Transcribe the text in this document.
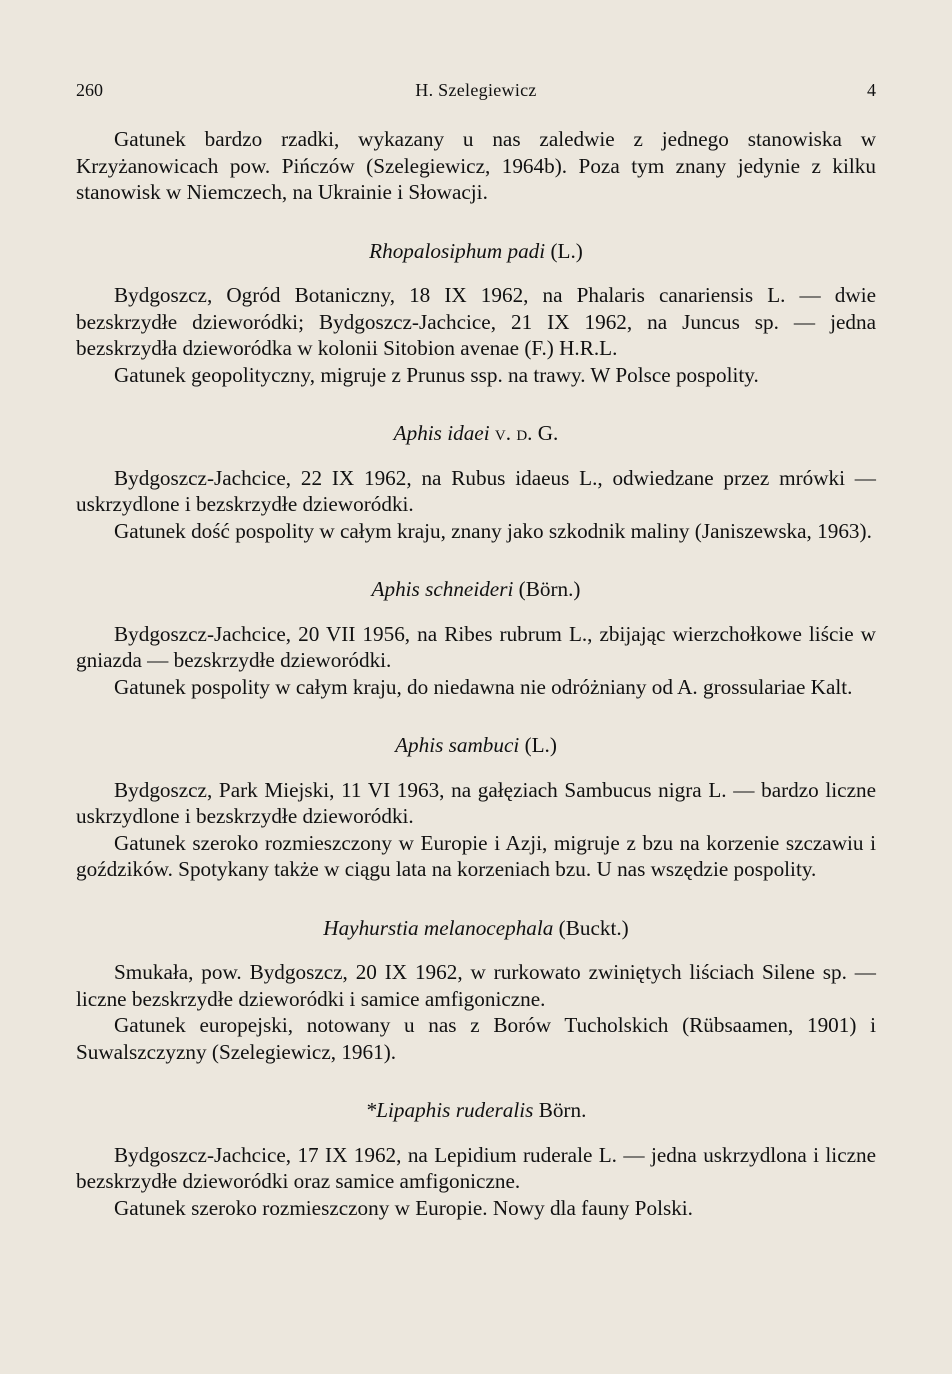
260	H. Szelegiewicz	4

Gatunek bardzo rzadki, wykazany u nas zaledwie z jednego stanowiska w Krzyżanowicach pow. Pińczów (Szelegiewicz, 1964b). Poza tym znany jedynie z kilku stanowisk w Niemczech, na Ukrainie i Słowacji.

Rhopalosiphum padi (L.)

Bydgoszcz, Ogród Botaniczny, 18 IX 1962, na Phalaris canariensis L. — dwie bezskrzydłe dzieworódki; Bydgoszcz-Jachcice, 21 IX 1962, na Juncus sp. — jedna bezskrzydła dzieworódka w kolonii Sitobion avenae (F.) H.R.L.

Gatunek geopolityczny, migruje z Prunus ssp. na trawy. W Polsce pospolity.

Aphis idaei v. d. G.

Bydgoszcz-Jachcice, 22 IX 1962, na Rubus idaeus L., odwiedzane przez mrówki — uskrzydlone i bezskrzydłe dzieworódki.

Gatunek dość pospolity w całym kraju, znany jako szkodnik maliny (Janiszewska, 1963).

Aphis schneideri (Börn.)

Bydgoszcz-Jachcice, 20 VII 1956, na Ribes rubrum L., zbijając wierzchołkowe liście w gniazda — bezskrzydłe dzieworódki.

Gatunek pospolity w całym kraju, do niedawna nie odróżniany od A. grossulariae Kalt.

Aphis sambuci (L.)

Bydgoszcz, Park Miejski, 11 VI 1963, na gałęziach Sambucus nigra L. — bardzo liczne uskrzydlone i bezskrzydłe dzieworódki.

Gatunek szeroko rozmieszczony w Europie i Azji, migruje z bzu na korzenie szczawiu i goździków. Spotykany także w ciągu lata na korzeniach bzu. U nas wszędzie pospolity.

Hayhurstia melanocephala (Buckt.)

Smukała, pow. Bydgoszcz, 20 IX 1962, w rurkowato zwiniętych liściach Silene sp. — liczne bezskrzydłe dzieworódki i samice amfigoniczne.

Gatunek europejski, notowany u nas z Borów Tucholskich (Rübsaamen, 1901) i Suwalszczyzny (Szelegiewicz, 1961).

*Lipaphis ruderalis Börn.

Bydgoszcz-Jachcice, 17 IX 1962, na Lepidium ruderale L. — jedna uskrzydlona i liczne bezskrzydłe dzieworódki oraz samice amfigoniczne.

Gatunek szeroko rozmieszczony w Europie. Nowy dla fauny Polski.
